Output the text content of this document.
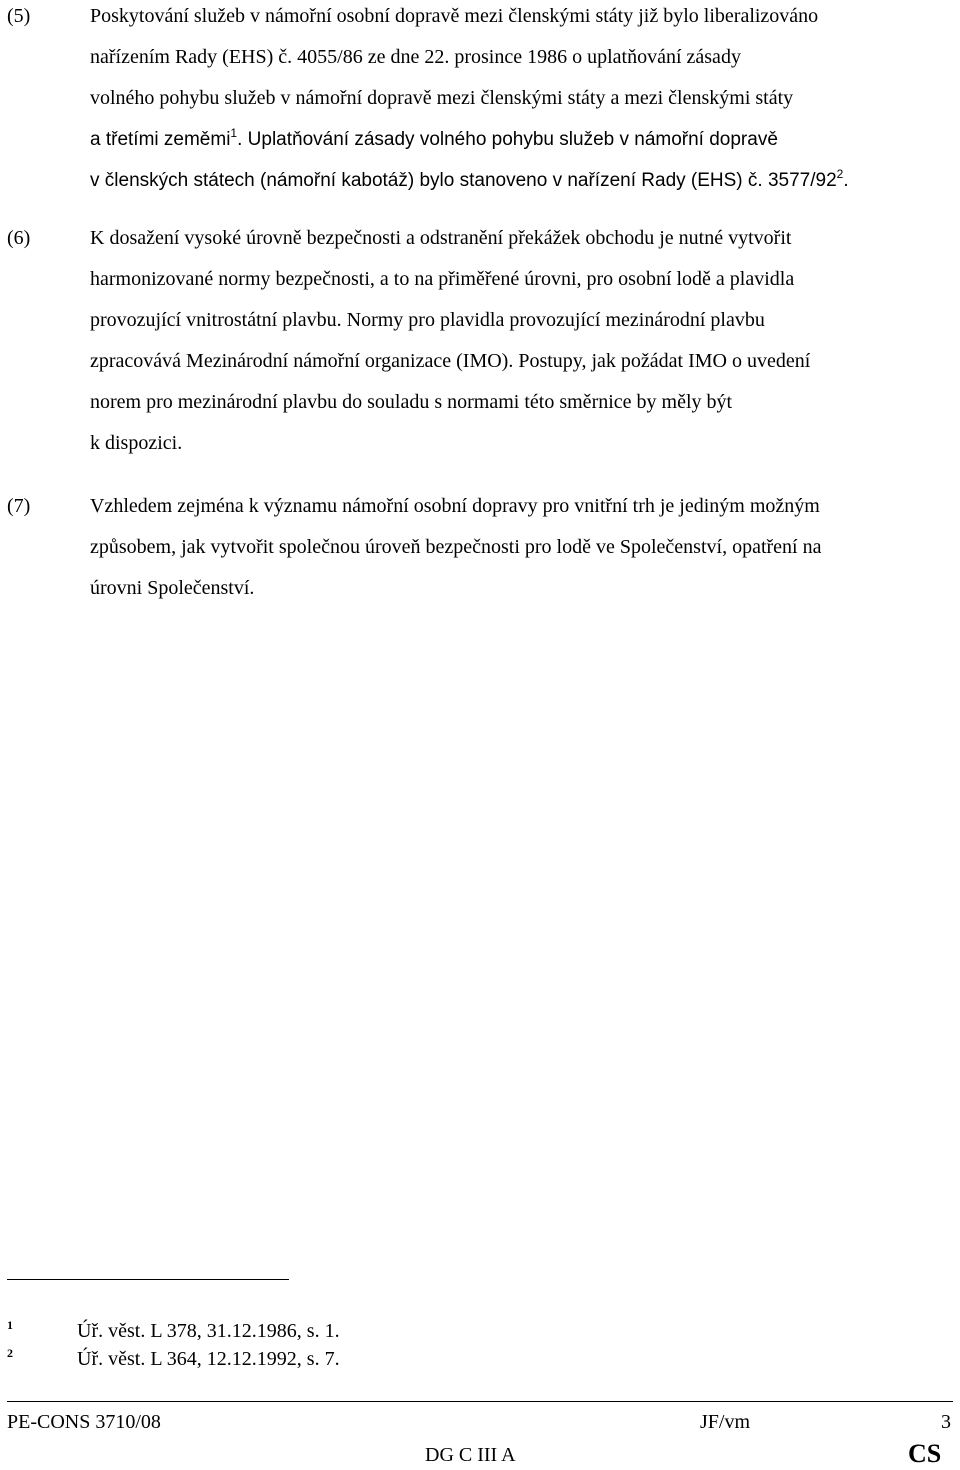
(5)	Poskytování služeb v námořní osobní dopravě mezi členskými státy již bylo liberalizováno
nařízením Rady (EHS) č. 4055/86 ze dne 22. prosince 1986 o uplatňování zásady
volného pohybu služeb v námořní dopravě mezi členskými státy a mezi členskými státy
a třetími zeměmi$^1$. Uplatňování zásady volného pohybu služeb v námořní dopravě
v členských státech (námořní kabotáž) bylo stanoveno v nařízení Rady (EHS) č. $3577/92^2$.
(6)	K dosažení vysoké úrovně bezpečnosti a odstranění překážek obchodu je nutné vytvořit
harmonizované normy bezpečnosti, a to na přiměřené úrovni, pro osobní lodě a plavidla
provozující vnitrostátní plavbu. Normy pro plavidla provozující mezinárodní plavbu
zpracovává Mezinárodní námořní organizace (IMO). Postupy, jak požádat IMO o uvedení
norem pro mezinárodní plavbu do souladu s normami této směrnice by měly být
k dispozici.
(7)	Vzhledem zejména k významu námořní osobní dopravy pro vnitřní trh je jediným možným
způsobem, jak vytvořit společnou úroveň bezpečnosti pro lodě ve Společenství, opatření na
úrovni Společenství.
1	Úř. věst. L 378, 31.12.1986, s. 1.
2	Úř. věst. L 364, 12.12.1992, s. 7.
PE-CONS 3710/08	JF/vm	3
DG C III A	CS
